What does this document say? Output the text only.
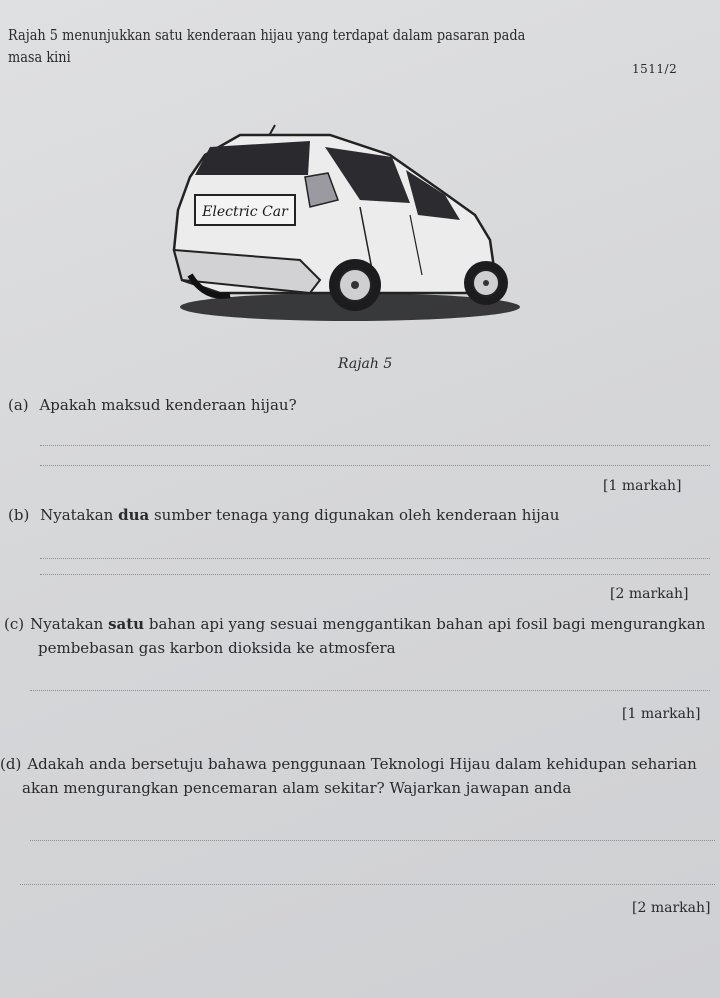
1511/2
Rajah 5 menunjukkan satu kenderaan hijau yang terdapat dalam pasaran pada masa kini
Electric Car
Rajah 5
(a) Apakah maksud kenderaan hijau?
[1 markah]
(b) Nyatakan dua sumber tenaga yang digunakan oleh kenderaan hijau
[2 markah]
(c) Nyatakan satu bahan api yang sesuai menggantikan bahan api fosil bagi mengurangkan
pembebasan gas karbon dioksida ke atmosfera
[1 markah]
(d) Adakah anda bersetuju bahawa penggunaan Teknologi Hijau dalam kehidupan seharian
akan mengurangkan pencemaran alam sekitar? Wajarkan jawapan anda
[2 markah]
